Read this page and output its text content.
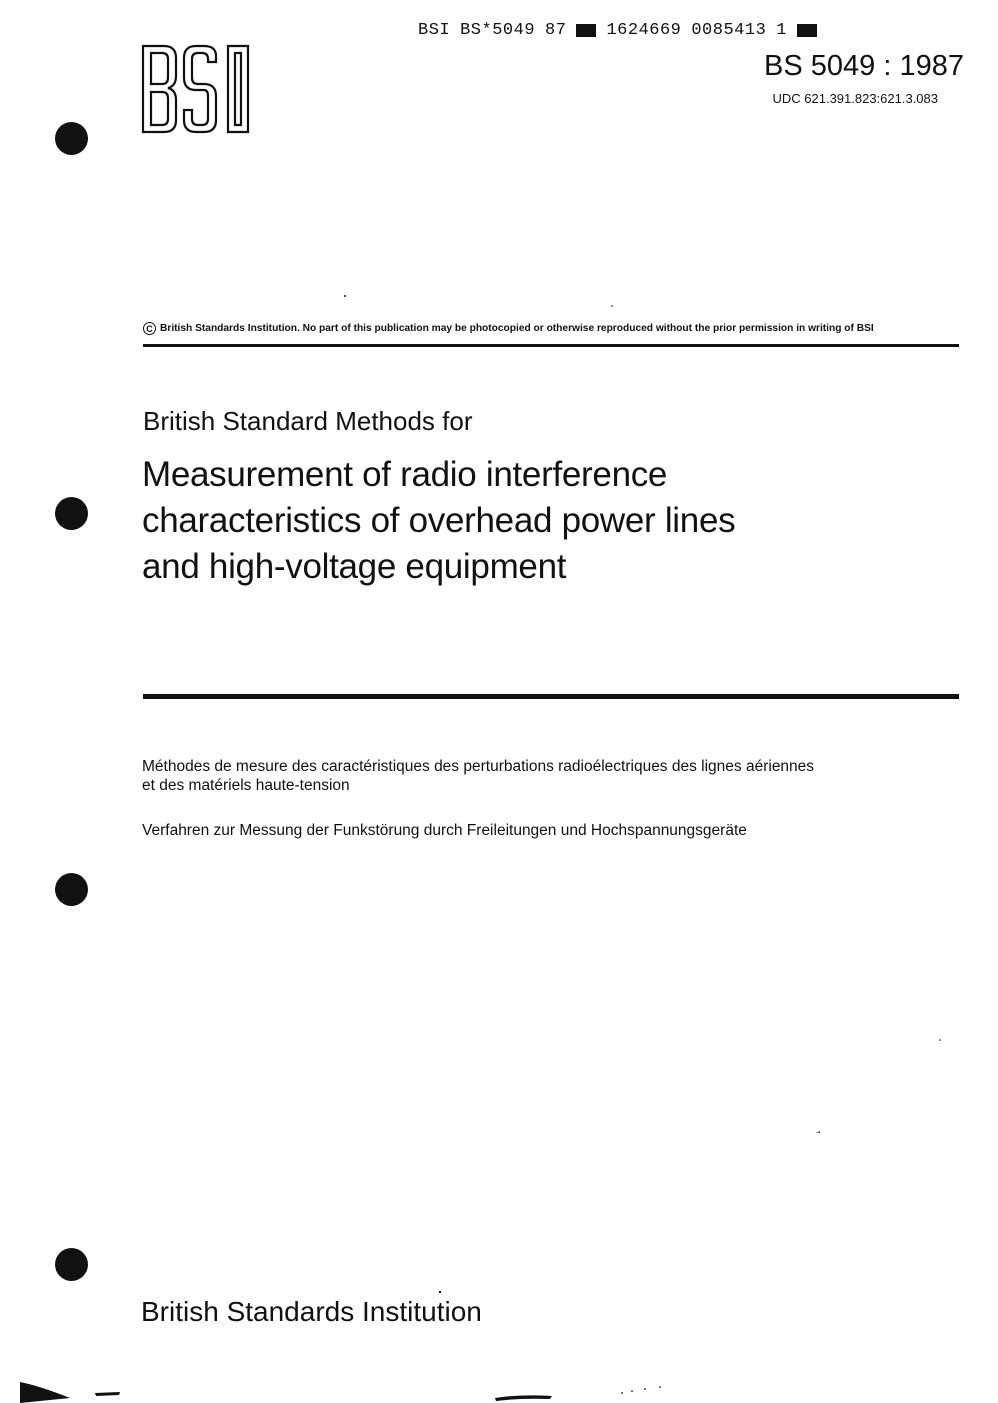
BSI BS*5049 87 1624669 0085413 1
BS 5049 : 1987
UDC 621.391.823:621.3.083
C British Standards Institution. No part of this publication may be photocopied or otherwise reproduced without the prior permission in writing of BSI
British Standard Methods for
Measurement of radio interference
characteristics of overhead power lines
and high-voltage equipment
Méthodes de mesure des caractéristiques des perturbations radioélectriques des lignes aériennes
et des matériels haute-tension
Verfahren zur Messung der Funkstörung durch Freileitungen und Hochspannungsgeräte
British Standards Institution
